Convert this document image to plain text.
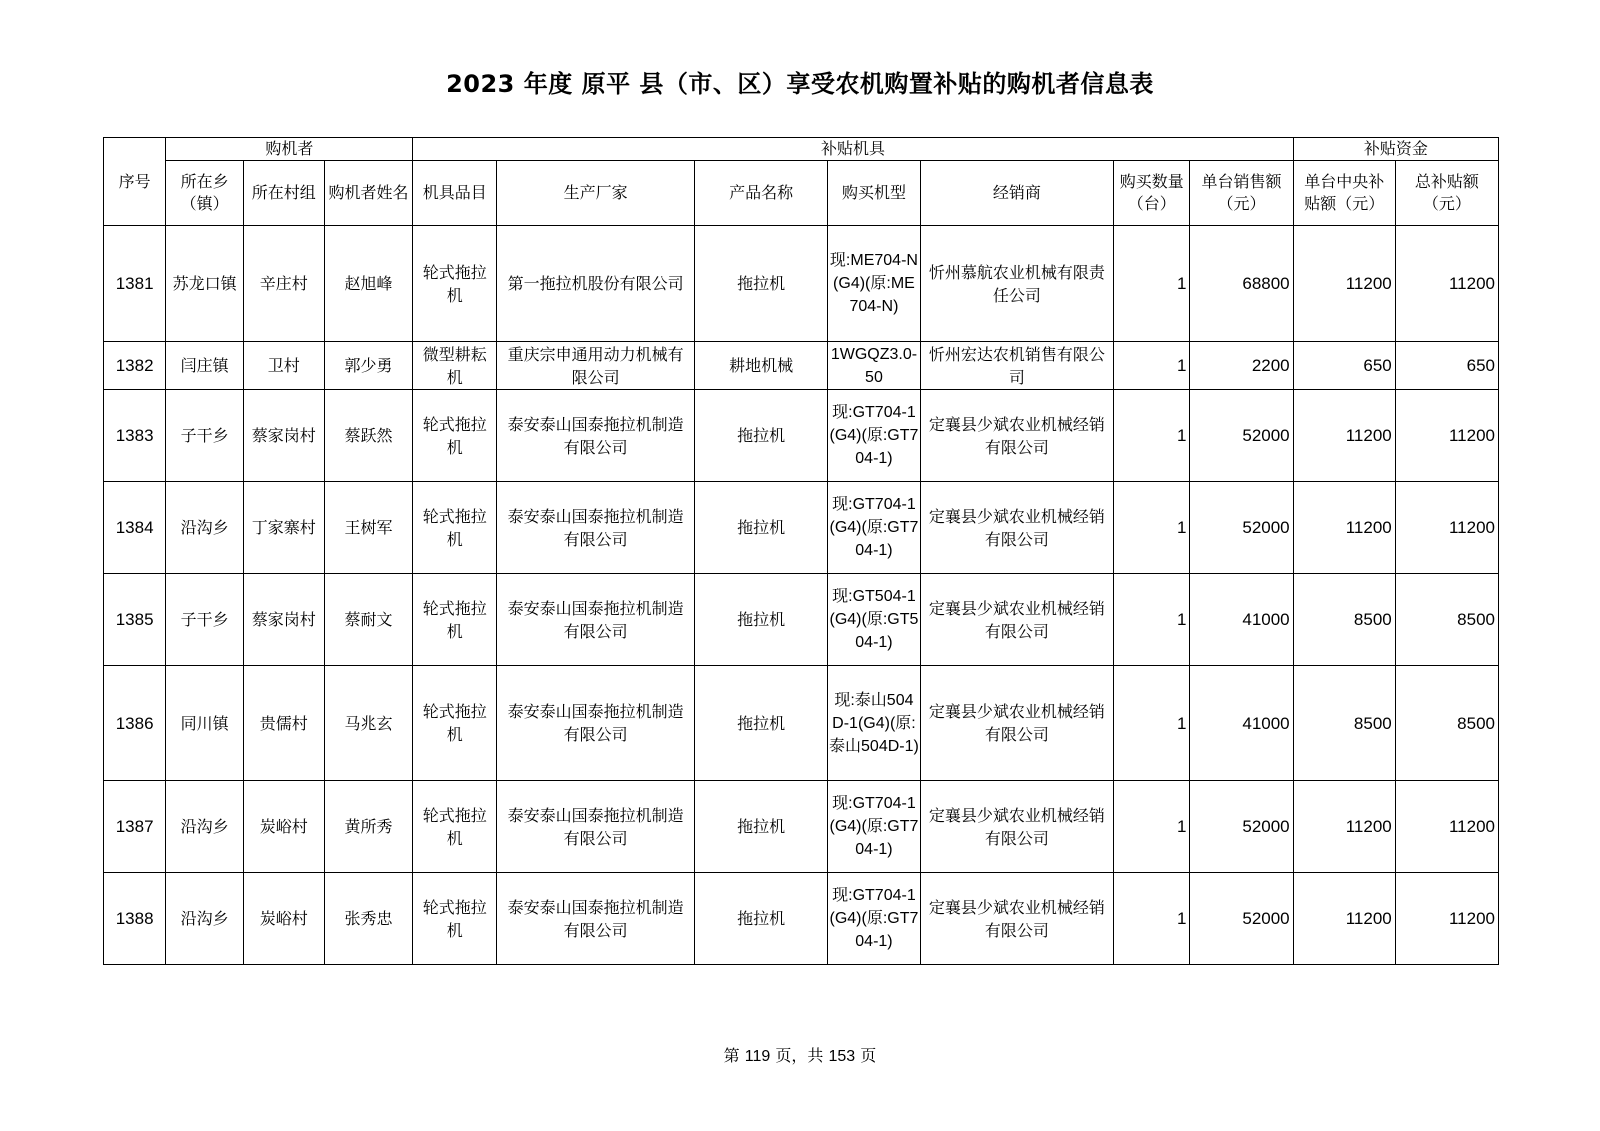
2023 年度 原平 县（市、区）享受农机购置补贴的购机者信息表
序号	购机者			补贴机具							补贴资金	
	所在乡（镇）	所在村组	购机者姓名	机具品目	生产厂家	产品名称	购买机型	经销商	购买数量（台）	单台销售额（元）	单台中央补贴额（元）	总补贴额（元）
1381	苏龙口镇	辛庄村	赵旭峰	轮式拖拉机	第一拖拉机股份有限公司	拖拉机	现:ME704-N(G4)(原:ME704-N)	忻州慕航农业机械有限责任公司	1	68800	11200	11200
1382	闫庄镇	卫村	郭少勇	微型耕耘机	重庆宗申通用动力机械有限公司	耕地机械	1WGQZ3.0-50	忻州宏达农机销售有限公司	1	2200	650	650
1383	子干乡	蔡家岗村	蔡跃然	轮式拖拉机	泰安泰山国泰拖拉机制造有限公司	拖拉机	现:GT704-1(G4)(原:GT704-1)	定襄县少斌农业机械经销有限公司	1	52000	11200	11200
1384	沿沟乡	丁家寨村	王树军	轮式拖拉机	泰安泰山国泰拖拉机制造有限公司	拖拉机	现:GT704-1(G4)(原:GT704-1)	定襄县少斌农业机械经销有限公司	1	52000	11200	11200
1385	子干乡	蔡家岗村	蔡耐文	轮式拖拉机	泰安泰山国泰拖拉机制造有限公司	拖拉机	现:GT504-1(G4)(原:GT504-1)	定襄县少斌农业机械经销有限公司	1	41000	8500	8500
1386	同川镇	贵儒村	马兆玄	轮式拖拉机	泰安泰山国泰拖拉机制造有限公司	拖拉机	现:泰山504D-1(G4)(原:泰山504D-1)	定襄县少斌农业机械经销有限公司	1	41000	8500	8500
1387	沿沟乡	炭峪村	黄所秀	轮式拖拉机	泰安泰山国泰拖拉机制造有限公司	拖拉机	现:GT704-1(G4)(原:GT704-1)	定襄县少斌农业机械经销有限公司	1	52000	11200	11200
1388	沿沟乡	炭峪村	张秀忠	轮式拖拉机	泰安泰山国泰拖拉机制造有限公司	拖拉机	现:GT704-1(G4)(原:GT704-1)	定襄县少斌农业机械经销有限公司	1	52000	11200	11200
第 119 页，共 153 页
